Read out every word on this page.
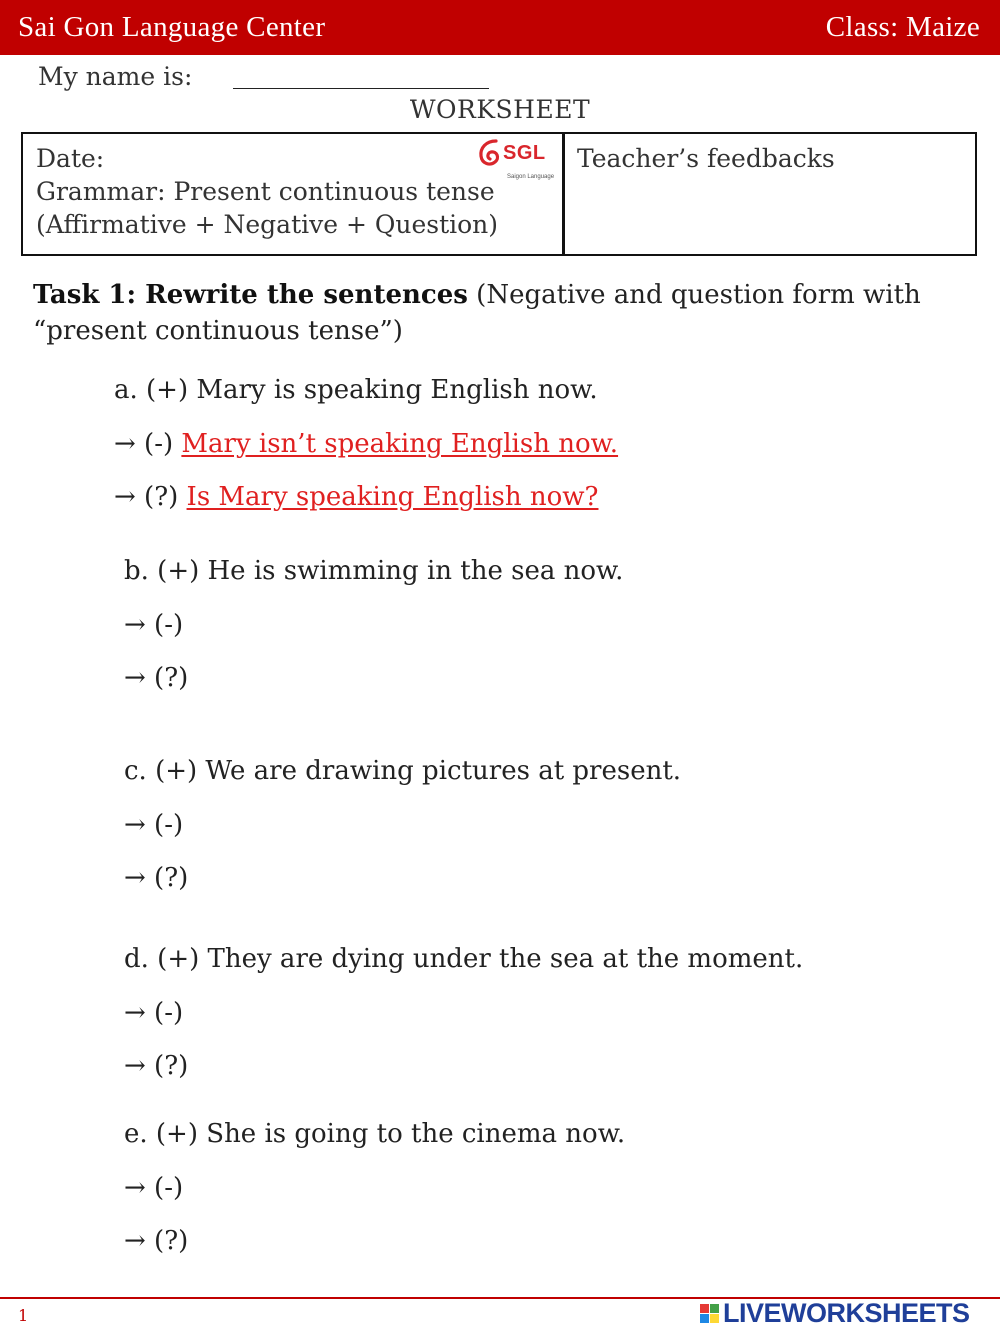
Sai Gon Language Center	Class: Maize
My name is:
WORKSHEET
Date:
Grammar: Present continuous tense
(Affirmative + Negative + Question)
SGL
Saigon Language
Teacher’s feedbacks
Task 1: Rewrite the sentences (Negative and question form with “present continuous tense”)
a. (+) Mary is speaking English now.
→ (-) Mary isn’t speaking English now.
→ (?) Is Mary speaking English now?
b. (+) He is swimming in the sea now.
→ (-)
→ (?)
c. (+) We are drawing pictures at present.
→ (-)
→ (?)
d. (+) They are dying under the sea at the moment.
→ (-)
→ (?)
e. (+) She is going to the cinema now.
→ (-)
→ (?)
1	LIVEWORKSHEETS
